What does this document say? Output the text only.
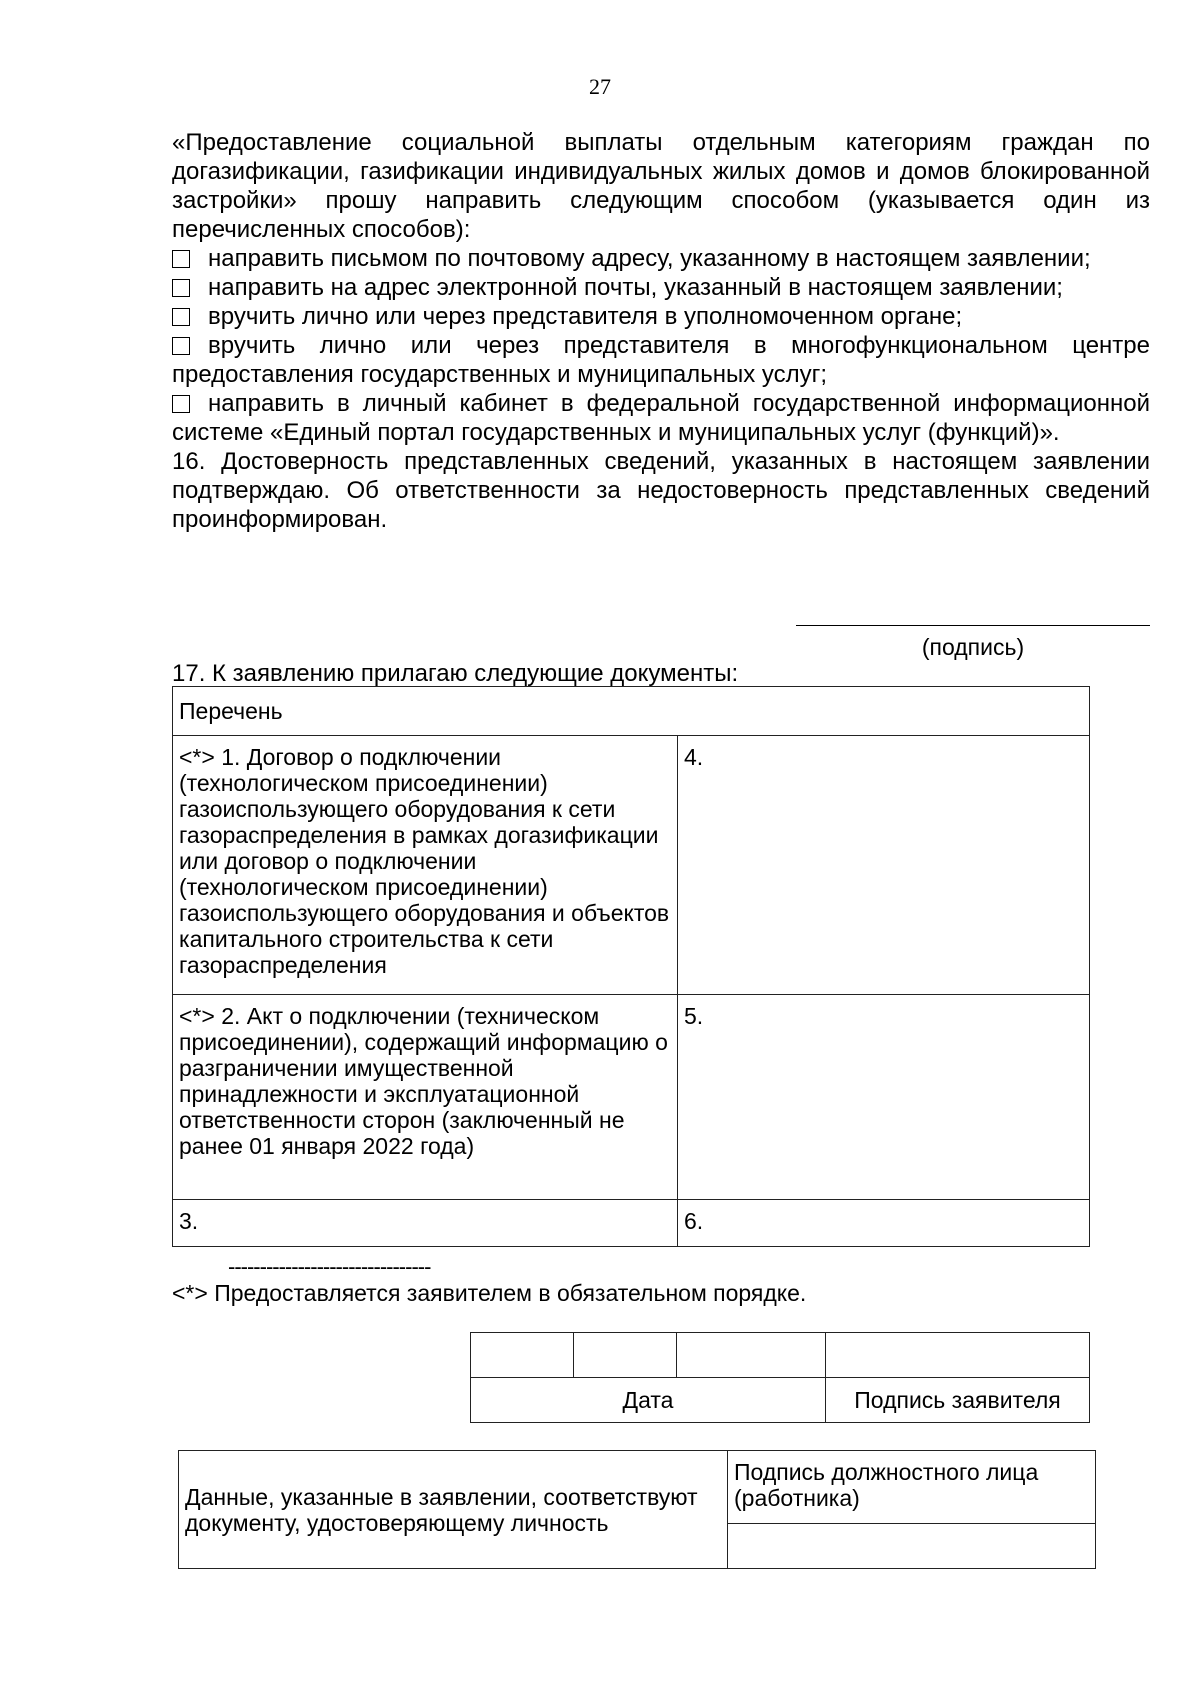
27

«Предоставление социальной выплаты отдельным категориям граждан по догазификации, газификации индивидуальных жилых домов и домов блокированной застройки» прошу направить следующим способом (указывается один из перечисленных способов):

направить письмом по почтовому адресу, указанному в настоящем заявлении;

направить на адрес электронной почты, указанный в настоящем заявлении;

вручить лично или через представителя в уполномоченном органе;

вручить лично или через представителя в многофункциональном центре предоставления государственных и муниципальных услуг;

направить в личный кабинет в федеральной государственной информационной системе «Единый портал государственных и муниципальных услуг (функций)».

16. Достоверность представленных сведений, указанных в настоящем заявлении подтверждаю. Об ответственности за недостоверность представленных сведений проинформирован.

(подпись)
17. К заявлению прилагаю следующие документы:
Перечень	
<*> 1. Договор о подключении (технологическом присоединении) газоиспользующего оборудования к сети газораспределения в рамках догазификации или договор о подключении (технологическом присоединении) газоиспользующего оборудования и объектов капитального строительства к сети газораспределения	4.
<*> 2. Акт о подключении (техническом присоединении), содержащий информацию о разграничении имущественной принадлежности и эксплуатационной ответственности сторон (заключенный не ранее 01 января 2022 года)	5.
3.	6.
--------------------------------
<*> Предоставляется заявителем в обязательном порядке.

Дата			Подпись заявителя
Данные, указанные в заявлении, соответствуют документу, удостоверяющему личность	Подпись должностного лица (работника)
